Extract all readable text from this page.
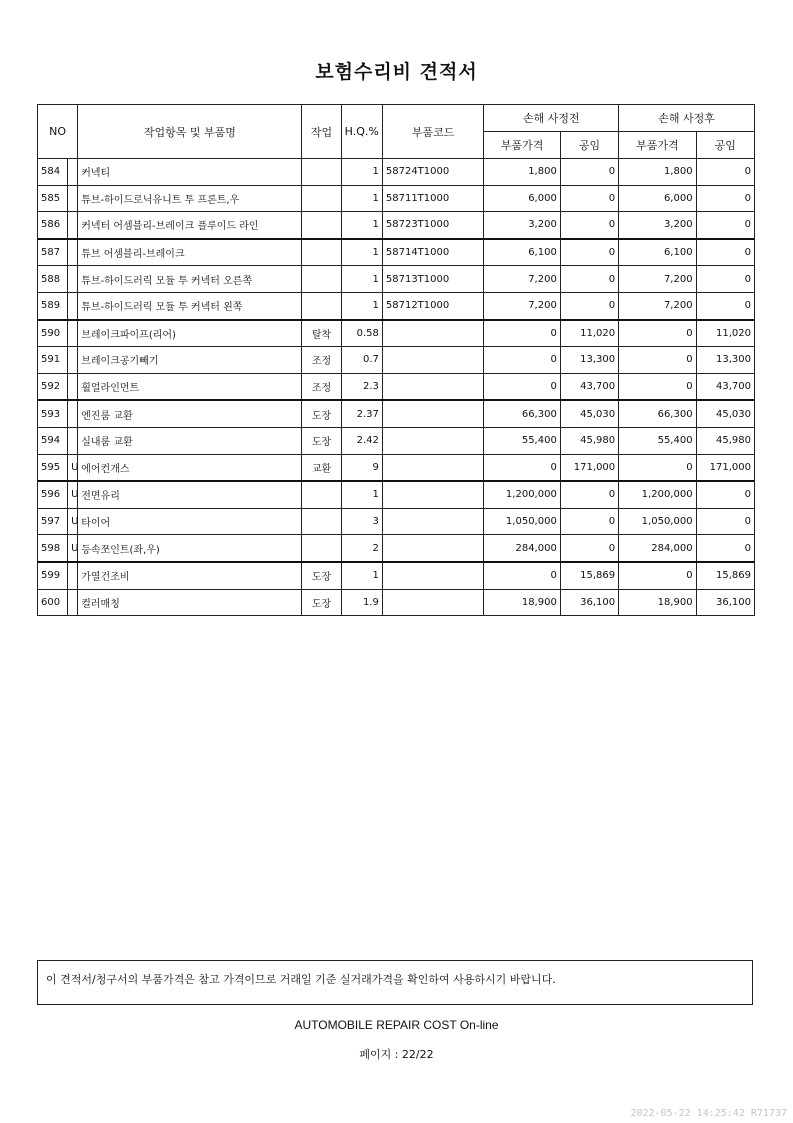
보험수리비 견적서
NO		작업항목 및 부품명	작업	H.Q.%	부품코드	손해 사정전		손해 사정후	
						부품가격	공임	부품가격	공임
584		커넥티		1	58724T1000	1,800	0	1,800	0
585		튜브-하이드로닉유니트 투 프론트,우		1	58711T1000	6,000	0	6,000	0
586		커넥터 어셈블리-브레이크 플루이드 라인		1	58723T1000	3,200	0	3,200	0
587		튜브 어셈블리-브레이크		1	58714T1000	6,100	0	6,100	0
588		튜브-하이드러릭 모듈 투 커넥터 오른쪽		1	58713T1000	7,200	0	7,200	0
589		튜브-하이드러릭 모듈 투 커넥터 왼쪽		1	58712T1000	7,200	0	7,200	0
590		브레이크파이프(리어)	탈착	0.58		0	11,020	0	11,020
591		브레이크공기빼기	조정	0.7		0	13,300	0	13,300
592		휠얼라인먼트	조정	2.3		0	43,700	0	43,700
593		엔진룸 교환	도장	2.37		66,300	45,030	66,300	45,030
594		실내룸 교환	도장	2.42		55,400	45,980	55,400	45,980
595	U	에어컨개스	교환	9		0	171,000	0	171,000
596	U	전면유리		1		1,200,000	0	1,200,000	0
597	U	타이어		3		1,050,000	0	1,050,000	0
598	U	등속쪼인트(좌,우)		2		284,000	0	284,000	0
599		가열건조비	도장	1		0	15,869	0	15,869
600		컬러매칭	도장	1.9		18,900	36,100	18,900	36,100
이 견적서/청구서의 부품가격은 참고 가격이므로 거래일 기준 실거래가격을 확인하여 사용하시기 바랍니다.
AUTOMOBILE REPAIR COST On-line
페이지 : 22/22
2022-05-22 14:25:42 R71737
